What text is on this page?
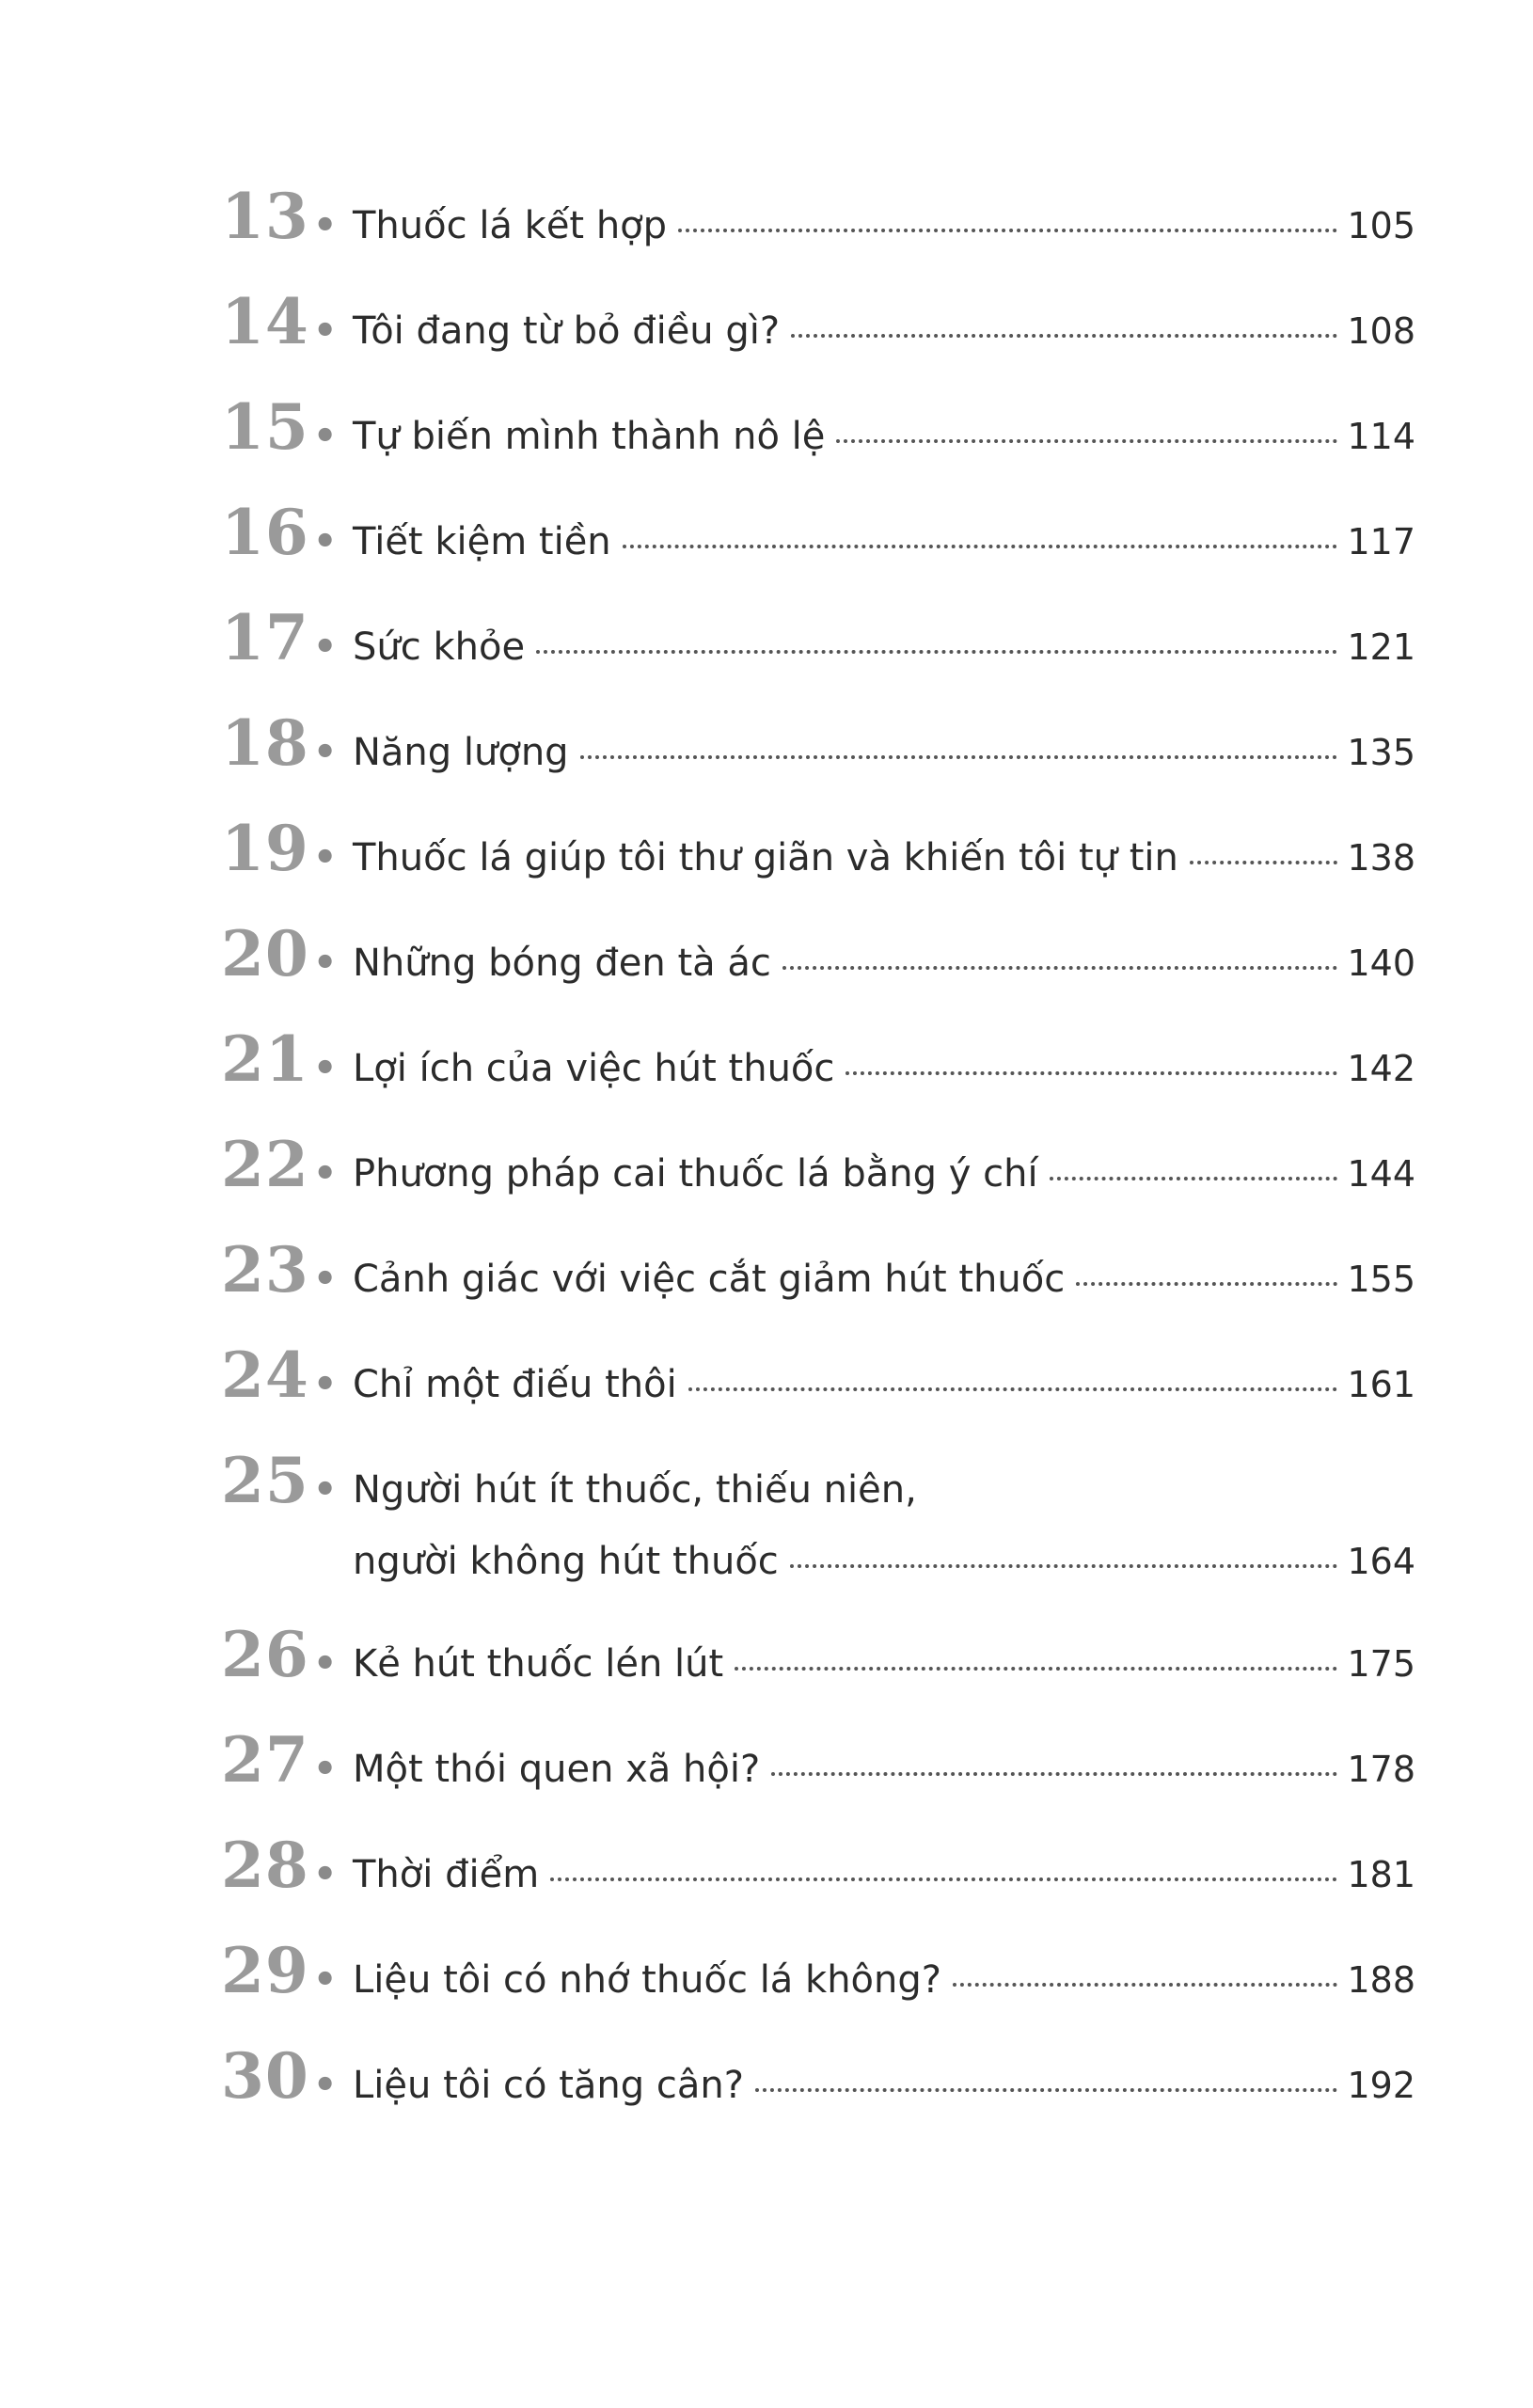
13 • Thuốc lá kết hợp	105
14 • Tôi đang từ bỏ điều gì?	108
15 • Tự biến mình thành nô lệ	114
16 • Tiết kiệm tiền	117
17 • Sức khỏe	121
18 • Năng lượng	135
19 • Thuốc lá giúp tôi thư giãn và khiến tôi tự tin	138
20 • Những bóng đen tà ác	140
21 • Lợi ích của việc hút thuốc	142
22 • Phương pháp cai thuốc lá bằng ý chí	144
23 • Cảnh giác với việc cắt giảm hút thuốc	155
24 • Chỉ một điếu thôi	161
25 • Người hút ít thuốc, thiếu niên,
người không hút thuốc	164
26 • Kẻ hút thuốc lén lút	175
27 • Một thói quen xã hội?	178
28 • Thời điểm	181
29 • Liệu tôi có nhớ thuốc lá không?	188
30 • Liệu tôi có tăng cân?	192
